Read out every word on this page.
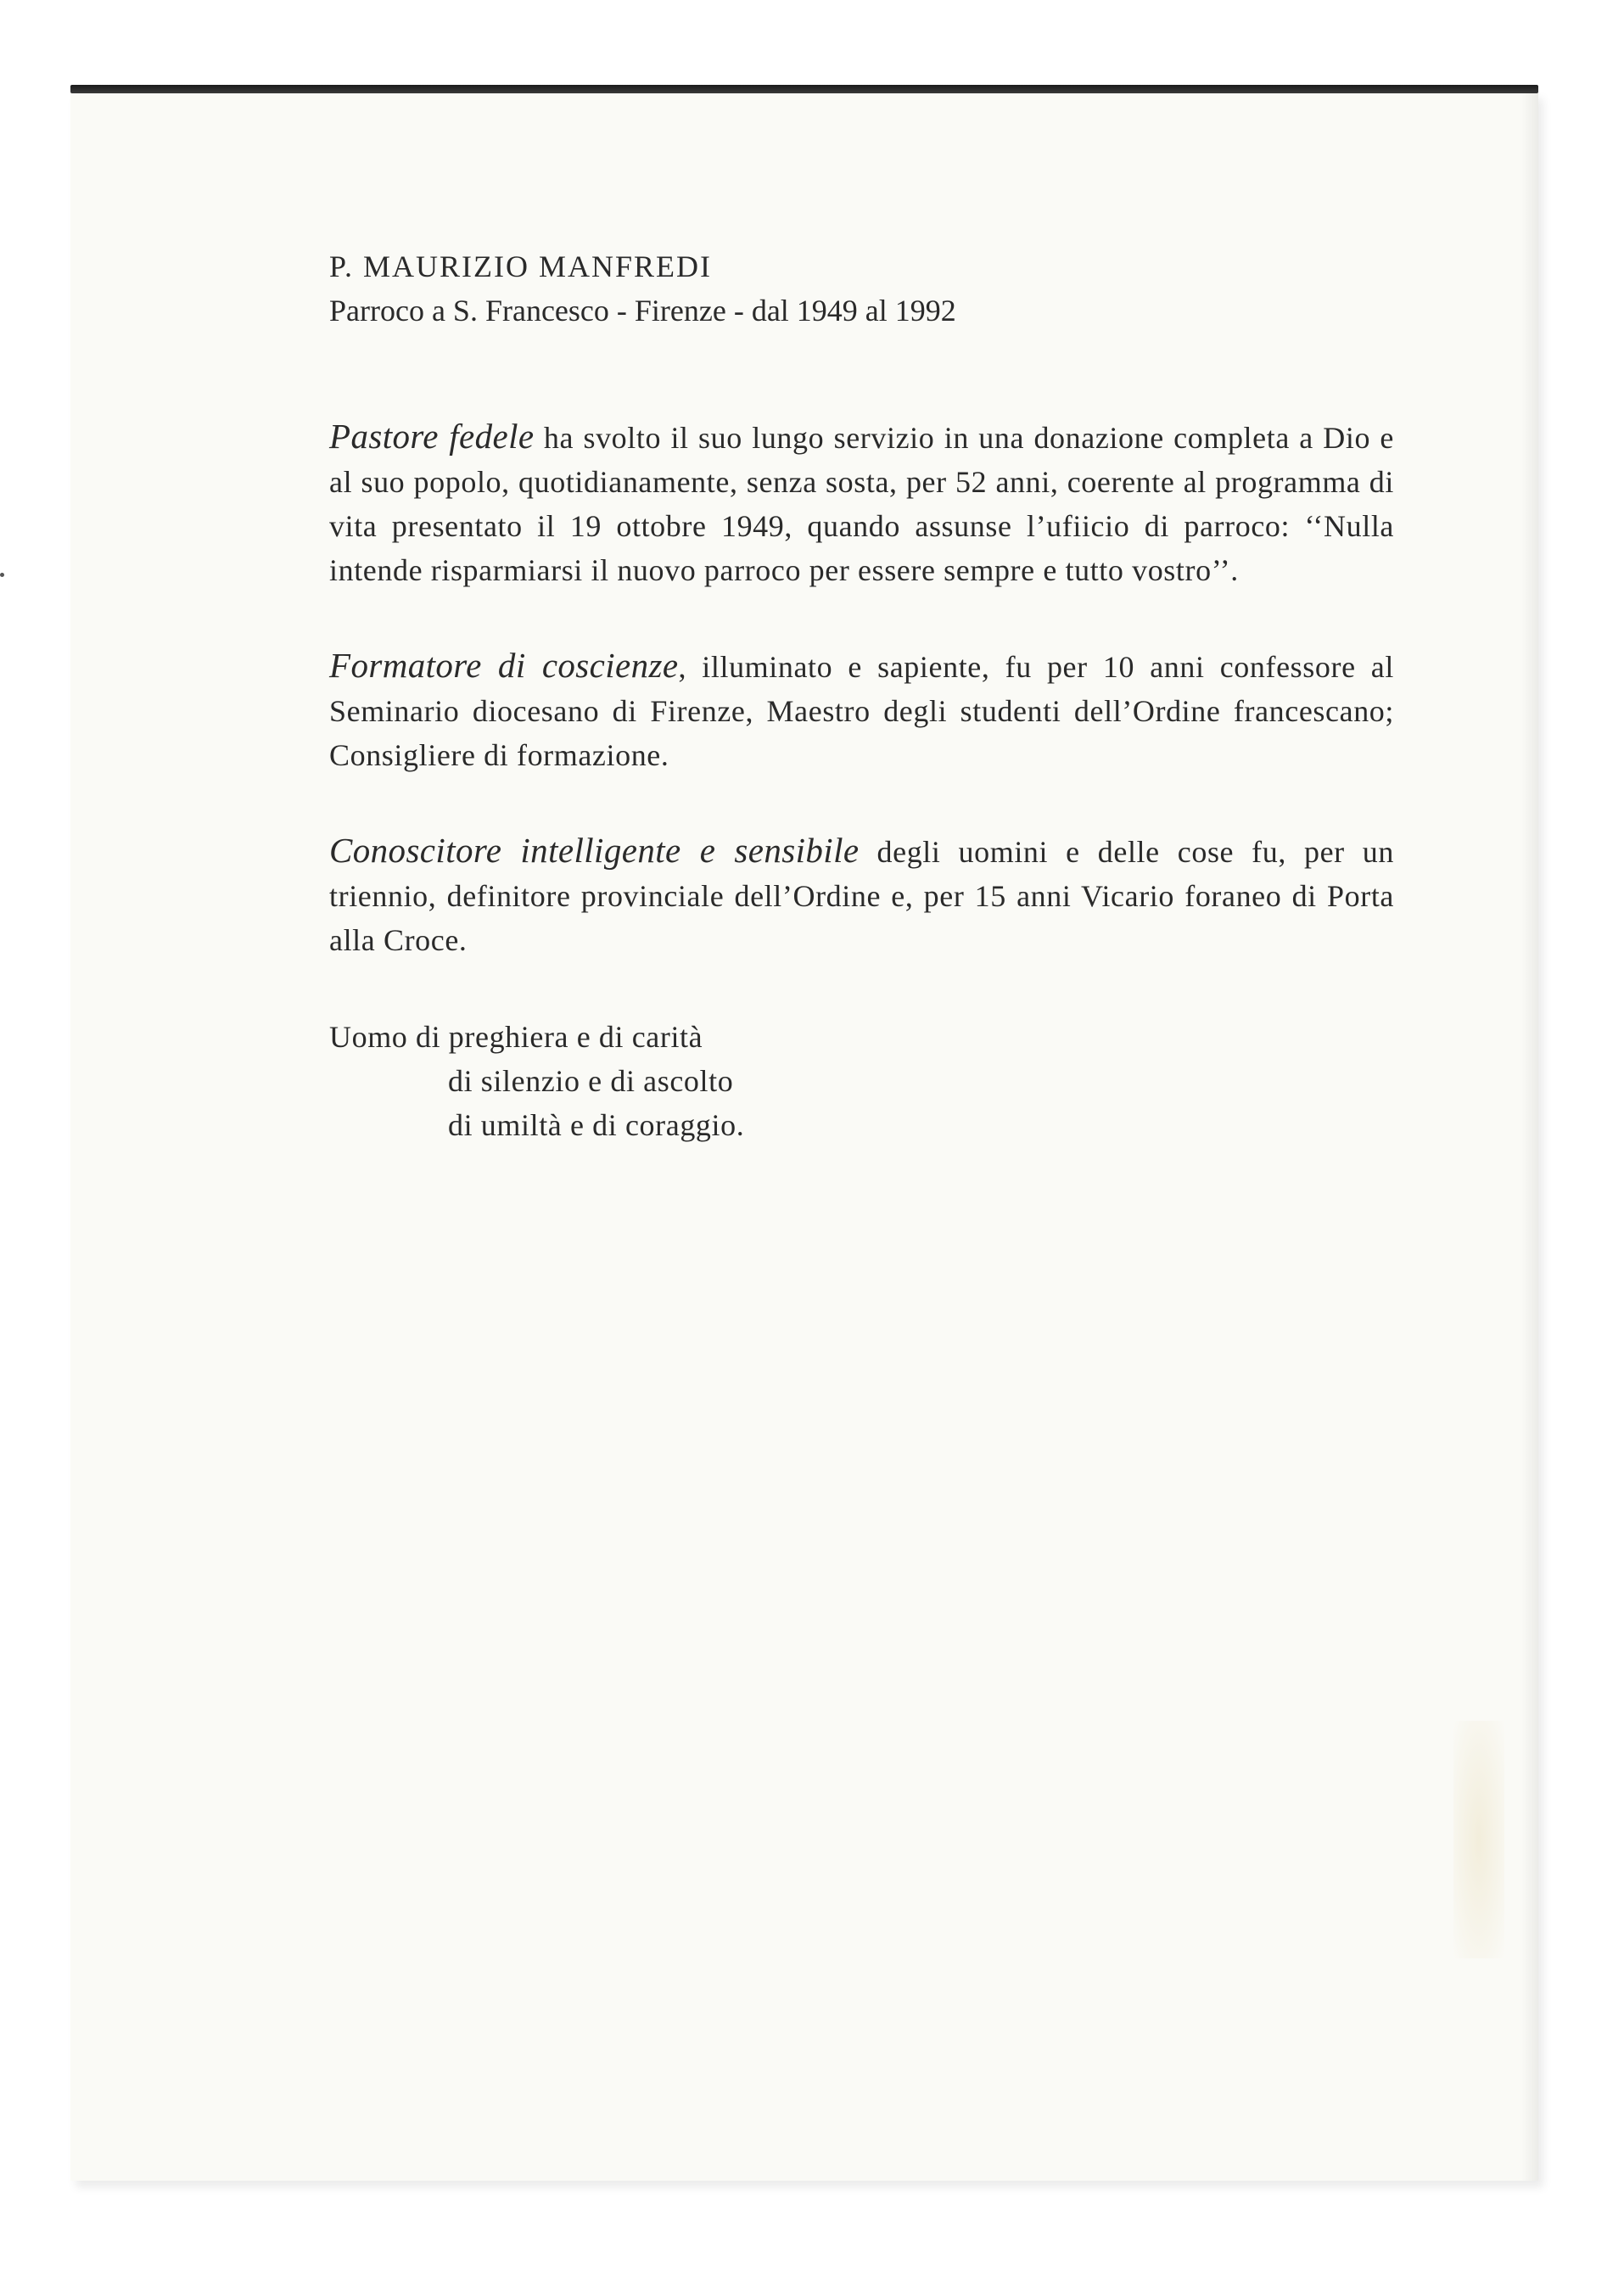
P. MAURIZIO MANFREDI

Parroco a S. Francesco - Firenze - dal 1949 al 1992

Pastore fedele ha svolto il suo lungo servizio in una donazione completa a Dio e al suo popolo, quotidianamente, senza sosta, per 52 anni, coerente al programma di vita presentato il 19 ottobre 1949, quando assunse l’ufiicio di parroco: ‘‘Nulla intende risparmiarsi il nuovo parroco per essere sempre e tutto vostro’’.

Formatore di coscienze, illuminato e sapiente, fu per 10 anni confessore al Seminario diocesano di Firenze, Maestro degli studenti dell’Ordine francescano; Consigliere di formazione.

Conoscitore intelligente e sensibile degli uomini e delle cose fu, per un triennio, definitore provinciale dell’Ordine e, per 15 anni Vicario foraneo di Porta alla Croce.

Uomo di preghiera e di carità

di silenzio e di ascolto

di umiltà e di coraggio.
